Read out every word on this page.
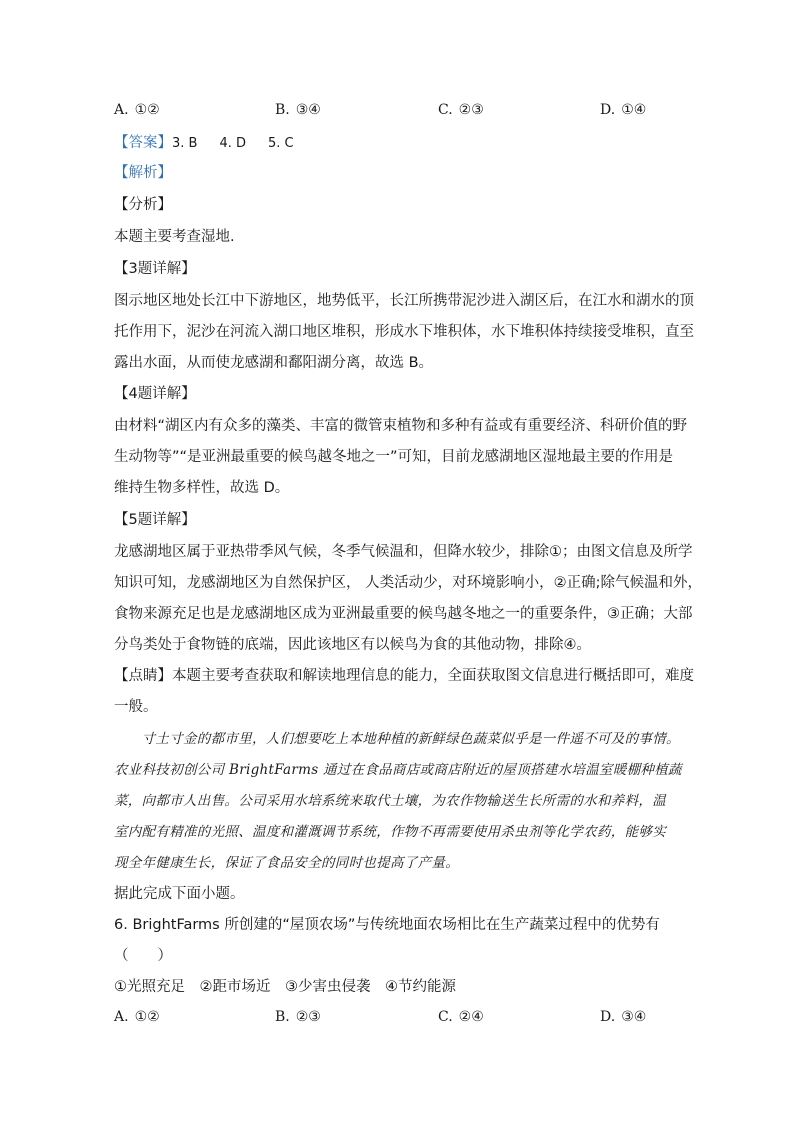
A. ①②	B. ③④	C. ②③	D. ①④
【答案】3. B 4. D 5. C
【解析】
【分析】
本题主要考查湿地.
【3题详解】
图示地区地处长江中下游地区，地势低平，长江所携带泥沙进入湖区后，在江水和湖水的顶
托作用下，泥沙在河流入湖口地区堆积，形成水下堆积体，水下堆积体持续接受堆积，直至
露出水面，从而使龙感湖和鄱阳湖分离，故选 B。
【4题详解】
由材料“湖区内有众多的藻类、丰富的微管束植物和多种有益或有重要经济、科研价值的野
生动物等”“是亚洲最重要的候鸟越冬地之一”可知，目前龙感湖地区湿地最主要的作用是
维持生物多样性，故选 D。
【5题详解】
龙感湖地区属于亚热带季风气候，冬季气候温和，但降水较少，排除①；由图文信息及所学
知识可知，龙感湖地区为自然保护区， 人类活动少，对环境影响小，②正确;除气候温和外，
食物来源充足也是龙感湖地区成为亚洲最重要的候鸟越冬地之一的重要条件，③正确；大部
分鸟类处于食物链的底端，因此该地区有以候鸟为食的其他动物，排除④。
【点睛】本题主要考查获取和解读地理信息的能力，全面获取图文信息进行概括即可，难度
一般。
　　寸土寸金的都市里，人们想要吃上本地种植的新鲜绿色蔬菜似乎是一件遥不可及的事情。
农业科技初创公司 BrightFarms 通过在食品商店或商店附近的屋顶搭建水培温室暖棚种植蔬
菜，向都市人出售。公司采用水培系统来取代土壤，为农作物输送生长所需的水和养料，温
室内配有精准的光照、温度和灌溉调节系统，作物不再需要使用杀虫剂等化学农药，能够实
现全年健康生长，保证了食品安全的同时也提高了产量。
据此完成下面小题。
6. BrightFarms 所创建的“屋顶农场”与传统地面农场相比在生产蔬菜过程中的优势有
（　　）
①光照充足　②距市场近　③少害虫侵袭　④节约能源
A. ①②	B. ②③	C. ②④	D. ③④
